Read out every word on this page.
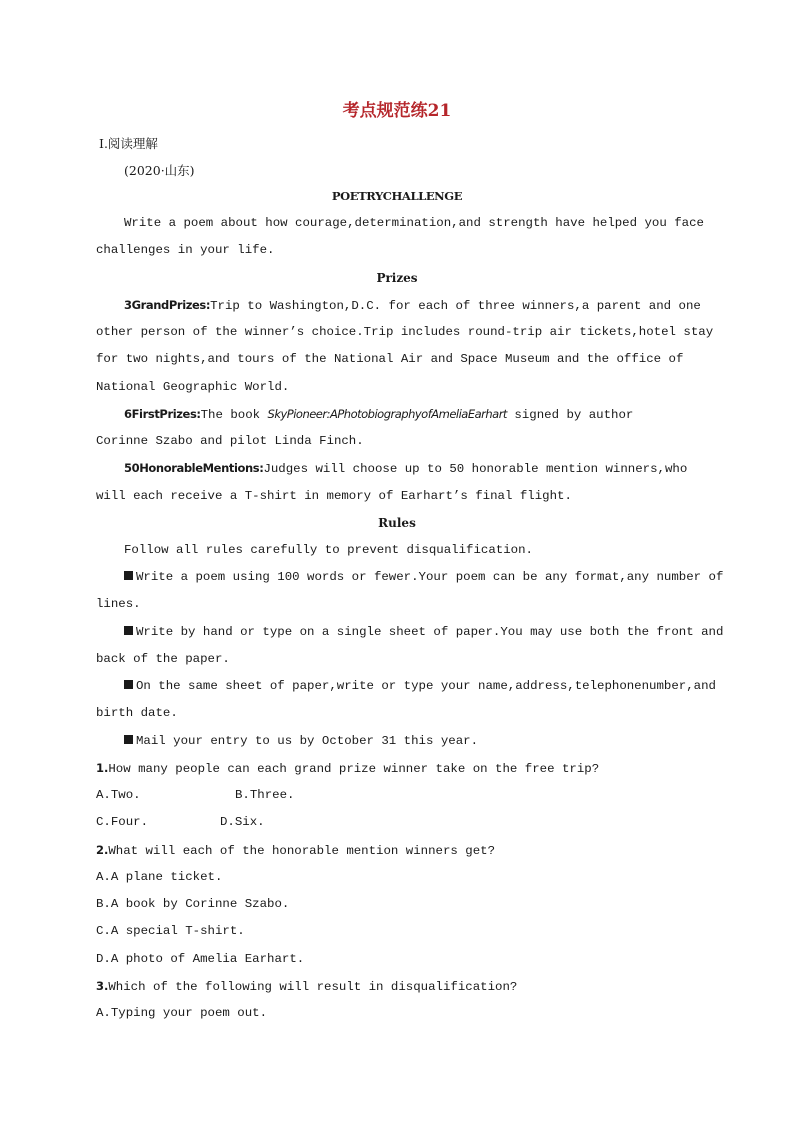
考点规范练21
Ⅰ.阅读理解
(2020·山东)
POETRYCHALLENGE
Write a poem about how courage,determination,and strength have helped you face
challenges in your life.
Prizes
3GrandPrizes:Trip to Washington,D.C. for each of three winners,a parent and one
other person of the winner’s choice.Trip includes round-trip air tickets,hotel stay
for two nights,and tours of the National Air and Space Museum and the office of
National Geographic World.
6FirstPrizes:The book SkyPioneer:APhotobiographyofAmeliaEarhart signed by author
Corinne Szabo and pilot Linda Finch.
50HonorableMentions:Judges will choose up to 50 honorable mention winners,who
will each receive a T-shirt in memory of Earhart’s final flight.
Rules
Follow all rules carefully to prevent disqualification.
Write a poem using 100 words or fewer.Your poem can be any format,any number of
lines.
Write by hand or type on a single sheet of paper.You may use both the front and
back of the paper.
On the same sheet of paper,write or type your name,address,telephonenumber,and
birth date.
Mail your entry to us by October 31 this year.
1.How many people can each grand prize winner take on the free trip?
A.Two.	B.Three.
C.Four.	D.Six.
2.What will each of the honorable mention winners get?
A.A plane ticket.
B.A book by Corinne Szabo.
C.A special T-shirt.
D.A photo of Amelia Earhart.
3.Which of the following will result in disqualification?
A.Typing your poem out.
